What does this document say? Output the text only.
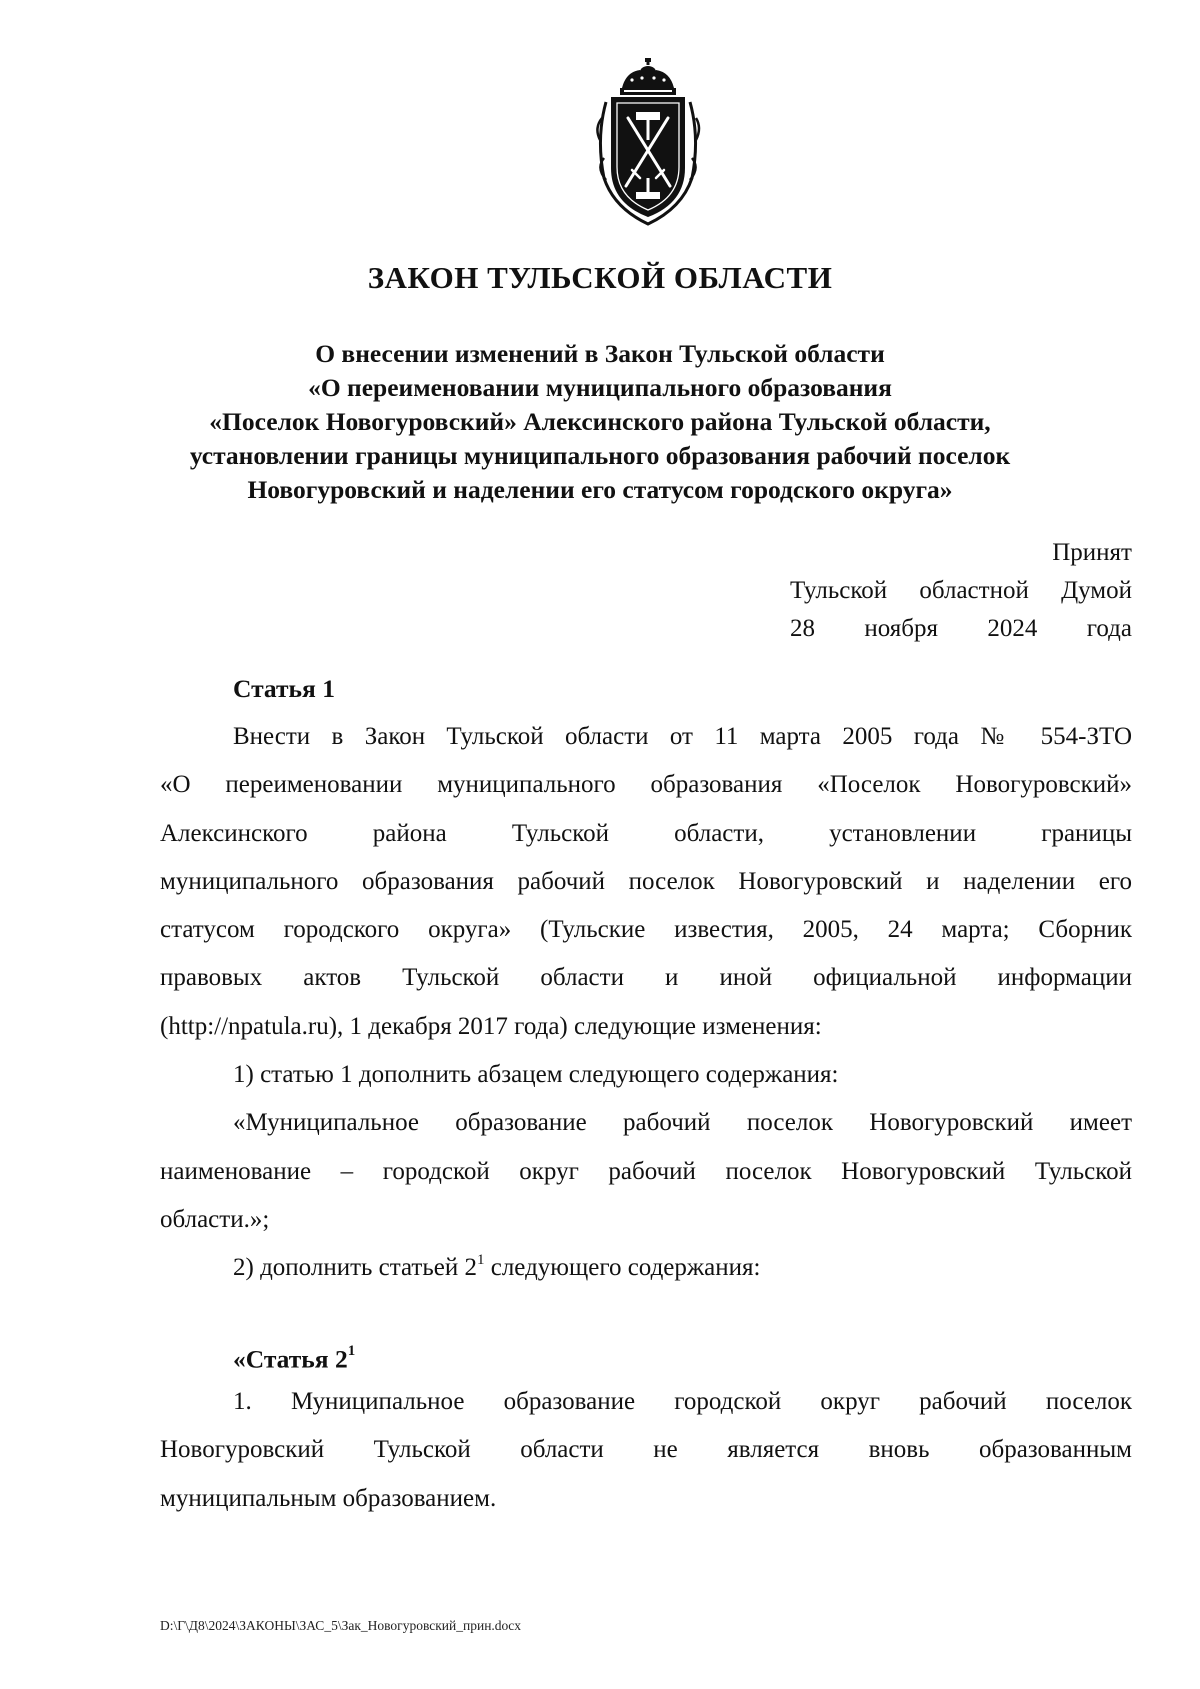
ЗАКОН ТУЛЬСКОЙ ОБЛАСТИ
О внесении изменений в Закон Тульской области
«О переименовании муниципального образования
«Поселок Новогуровский» Алексинского района Тульской области,
установлении границы муниципального образования рабочий поселок
Новогуровский и наделении его статусом городского округа»
Принят
Тульской областной Думой
28 ноября 2024 года
Статья 1
Внести в Закон Тульской области от 11 марта 2005 года № 554-ЗТО
«О переименовании муниципального образования «Поселок Новогуровский»
Алексинского района Тульской области, установлении границы
муниципального образования рабочий поселок Новогуровский и наделении его
статусом городского округа» (Тульские известия, 2005, 24 марта; Сборник
правовых актов Тульской области и иной официальной информации
(http://npatula.ru), 1 декабря 2017 года) следующие изменения:
1) статью 1 дополнить абзацем следующего содержания:
«Муниципальное образование рабочий поселок Новогуровский имеет
наименование – городской округ рабочий поселок Новогуровский Тульской
области.»;
2) дополнить статьей $2^1$ следующего содержания:
«Статья $2^1$
1. Муниципальное образование городской округ рабочий поселок
Новогуровский Тульской области не является вновь образованным
муниципальным образованием.
D:\Г\Д8\2024\ЗАКОНЫ\ЗАС_5\Зак_Новогуровский_прин.docx
